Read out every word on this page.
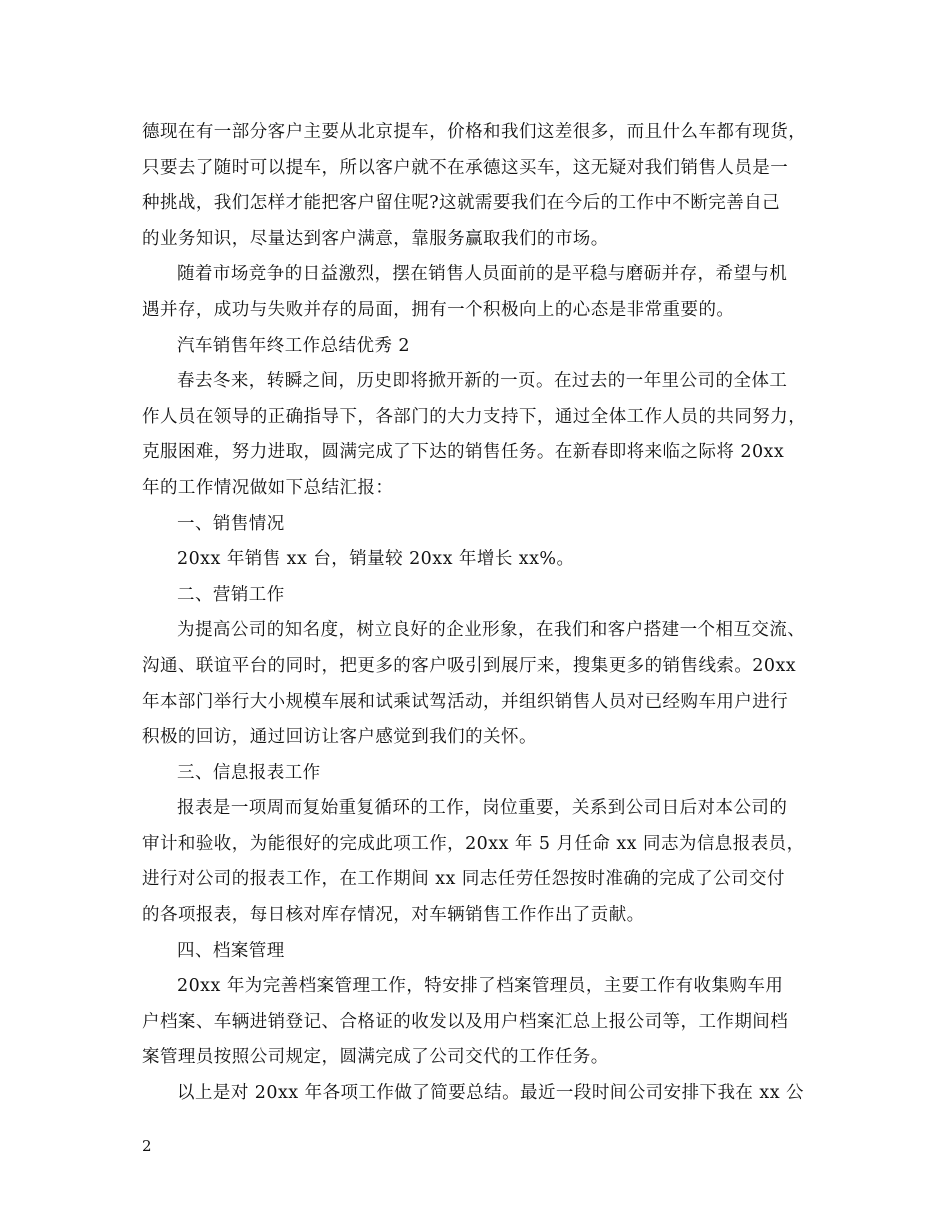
德现在有一部分客户主要从北京提车，价格和我们这差很多，而且什么车都有现货，
只要去了随时可以提车，所以客户就不在承德这买车，这无疑对我们销售人员是一
种挑战，我们怎样才能把客户留住呢?这就需要我们在今后的工作中不断完善自己
的业务知识，尽量达到客户满意，靠服务赢取我们的市场。
随着市场竞争的日益激烈，摆在销售人员面前的是平稳与磨砺并存，希望与机
遇并存，成功与失败并存的局面，拥有一个积极向上的心态是非常重要的。
汽车销售年终工作总结优秀 2
春去冬来，转瞬之间，历史即将掀开新的一页。在过去的一年里公司的全体工
作人员在领导的正确指导下，各部门的大力支持下，通过全体工作人员的共同努力，
克服困难，努力进取，圆满完成了下达的销售任务。在新春即将来临之际将 20xx
年的工作情况做如下总结汇报：
一、销售情况
20xx 年销售 xx 台，销量较 20xx 年增长 xx%。
二、营销工作
为提高公司的知名度，树立良好的企业形象，在我们和客户搭建一个相互交流、
沟通、联谊平台的同时，把更多的客户吸引到展厅来，搜集更多的销售线索。20xx
年本部门举行大小规模车展和试乘试驾活动，并组织销售人员对已经购车用户进行
积极的回访，通过回访让客户感觉到我们的关怀。
三、信息报表工作
报表是一项周而复始重复循环的工作，岗位重要，关系到公司日后对本公司的
审计和验收，为能很好的完成此项工作，20xx 年 5 月任命 xx 同志为信息报表员，
进行对公司的报表工作，在工作期间 xx 同志任劳任怨按时准确的完成了公司交付
的各项报表，每日核对库存情况，对车辆销售工作作出了贡献。
四、档案管理
20xx 年为完善档案管理工作，特安排了档案管理员，主要工作有收集购车用
户档案、车辆进销登记、合格证的收发以及用户档案汇总上报公司等，工作期间档
案管理员按照公司规定，圆满完成了公司交代的工作任务。
以上是对 20xx 年各项工作做了简要总结。最近一段时间公司安排下我在 xx 公
2
